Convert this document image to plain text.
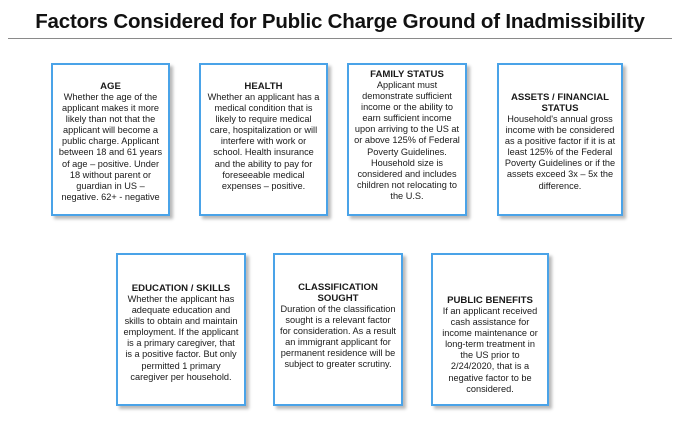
Factors Considered for Public Charge Ground of Inadmissibility
AGE

Whether the age of the applicant makes it more likely than not that the applicant will become a public charge. Applicant between 18 and 61 years of age – positive. Under 18 without parent or guardian in US – negative. 62+ - negative

HEALTH

Whether an applicant has a medical condition that is likely to require medical care, hospitalization or will interfere with work or school. Health insurance and the ability to pay for foreseeable medical expenses – positive.

FAMILY STATUS

Applicant must demonstrate sufficient income or the ability to earn sufficient income upon arriving to the US at or above 125% of Federal Poverty Guidelines. Household size is considered and includes children not relocating to the U.S.

ASSETS / FINANCIAL STATUS

Household's annual gross income with be considered as a positive factor if it is at least 125% of the Federal Poverty Guidelines or if the assets exceed 3x – 5x the difference.

EDUCATION / SKILLS

Whether the applicant has adequate education and skills to obtain and maintain employment. If the applicant is a primary caregiver, that is a positive factor. But only permitted 1 primary caregiver per household.

CLASSIFICATION SOUGHT

Duration of the classification sought is a relevant factor for consideration. As a result an immigrant applicant for permanent residence will be subject to greater scrutiny.

PUBLIC BENEFITS

If an applicant received cash assistance for income maintenance or long-term treatment in the US prior to 2/24/2020, that is a negative factor to be considered.
